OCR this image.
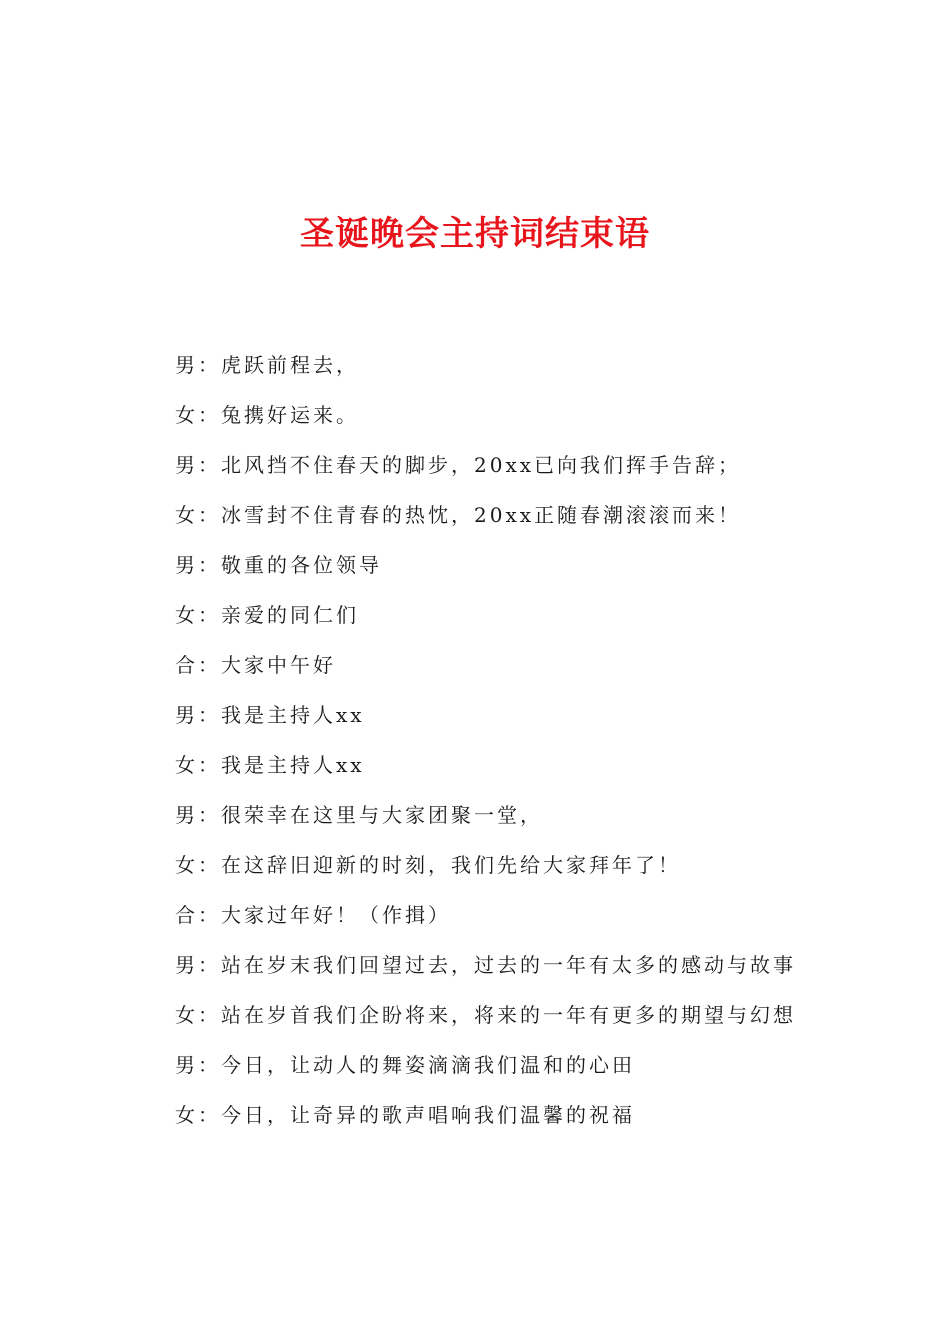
圣诞晚会主持词结束语
男：虎跃前程去，
女：兔携好运来。
男：北风挡不住春天的脚步，20xx已向我们挥手告辞；
女：冰雪封不住青春的热忱，20xx正随春潮滚滚而来！
男：敬重的各位领导
女：亲爱的同仁们
合：大家中午好
男：我是主持人xx
女：我是主持人xx
男：很荣幸在这里与大家团聚一堂，
女：在这辞旧迎新的时刻，我们先给大家拜年了！
合：大家过年好！（作揖）
男：站在岁末我们回望过去，过去的一年有太多的感动与故事
女：站在岁首我们企盼将来，将来的一年有更多的期望与幻想
男：今日，让动人的舞姿滴滴我们温和的心田
女：今日，让奇异的歌声唱响我们温馨的祝福
